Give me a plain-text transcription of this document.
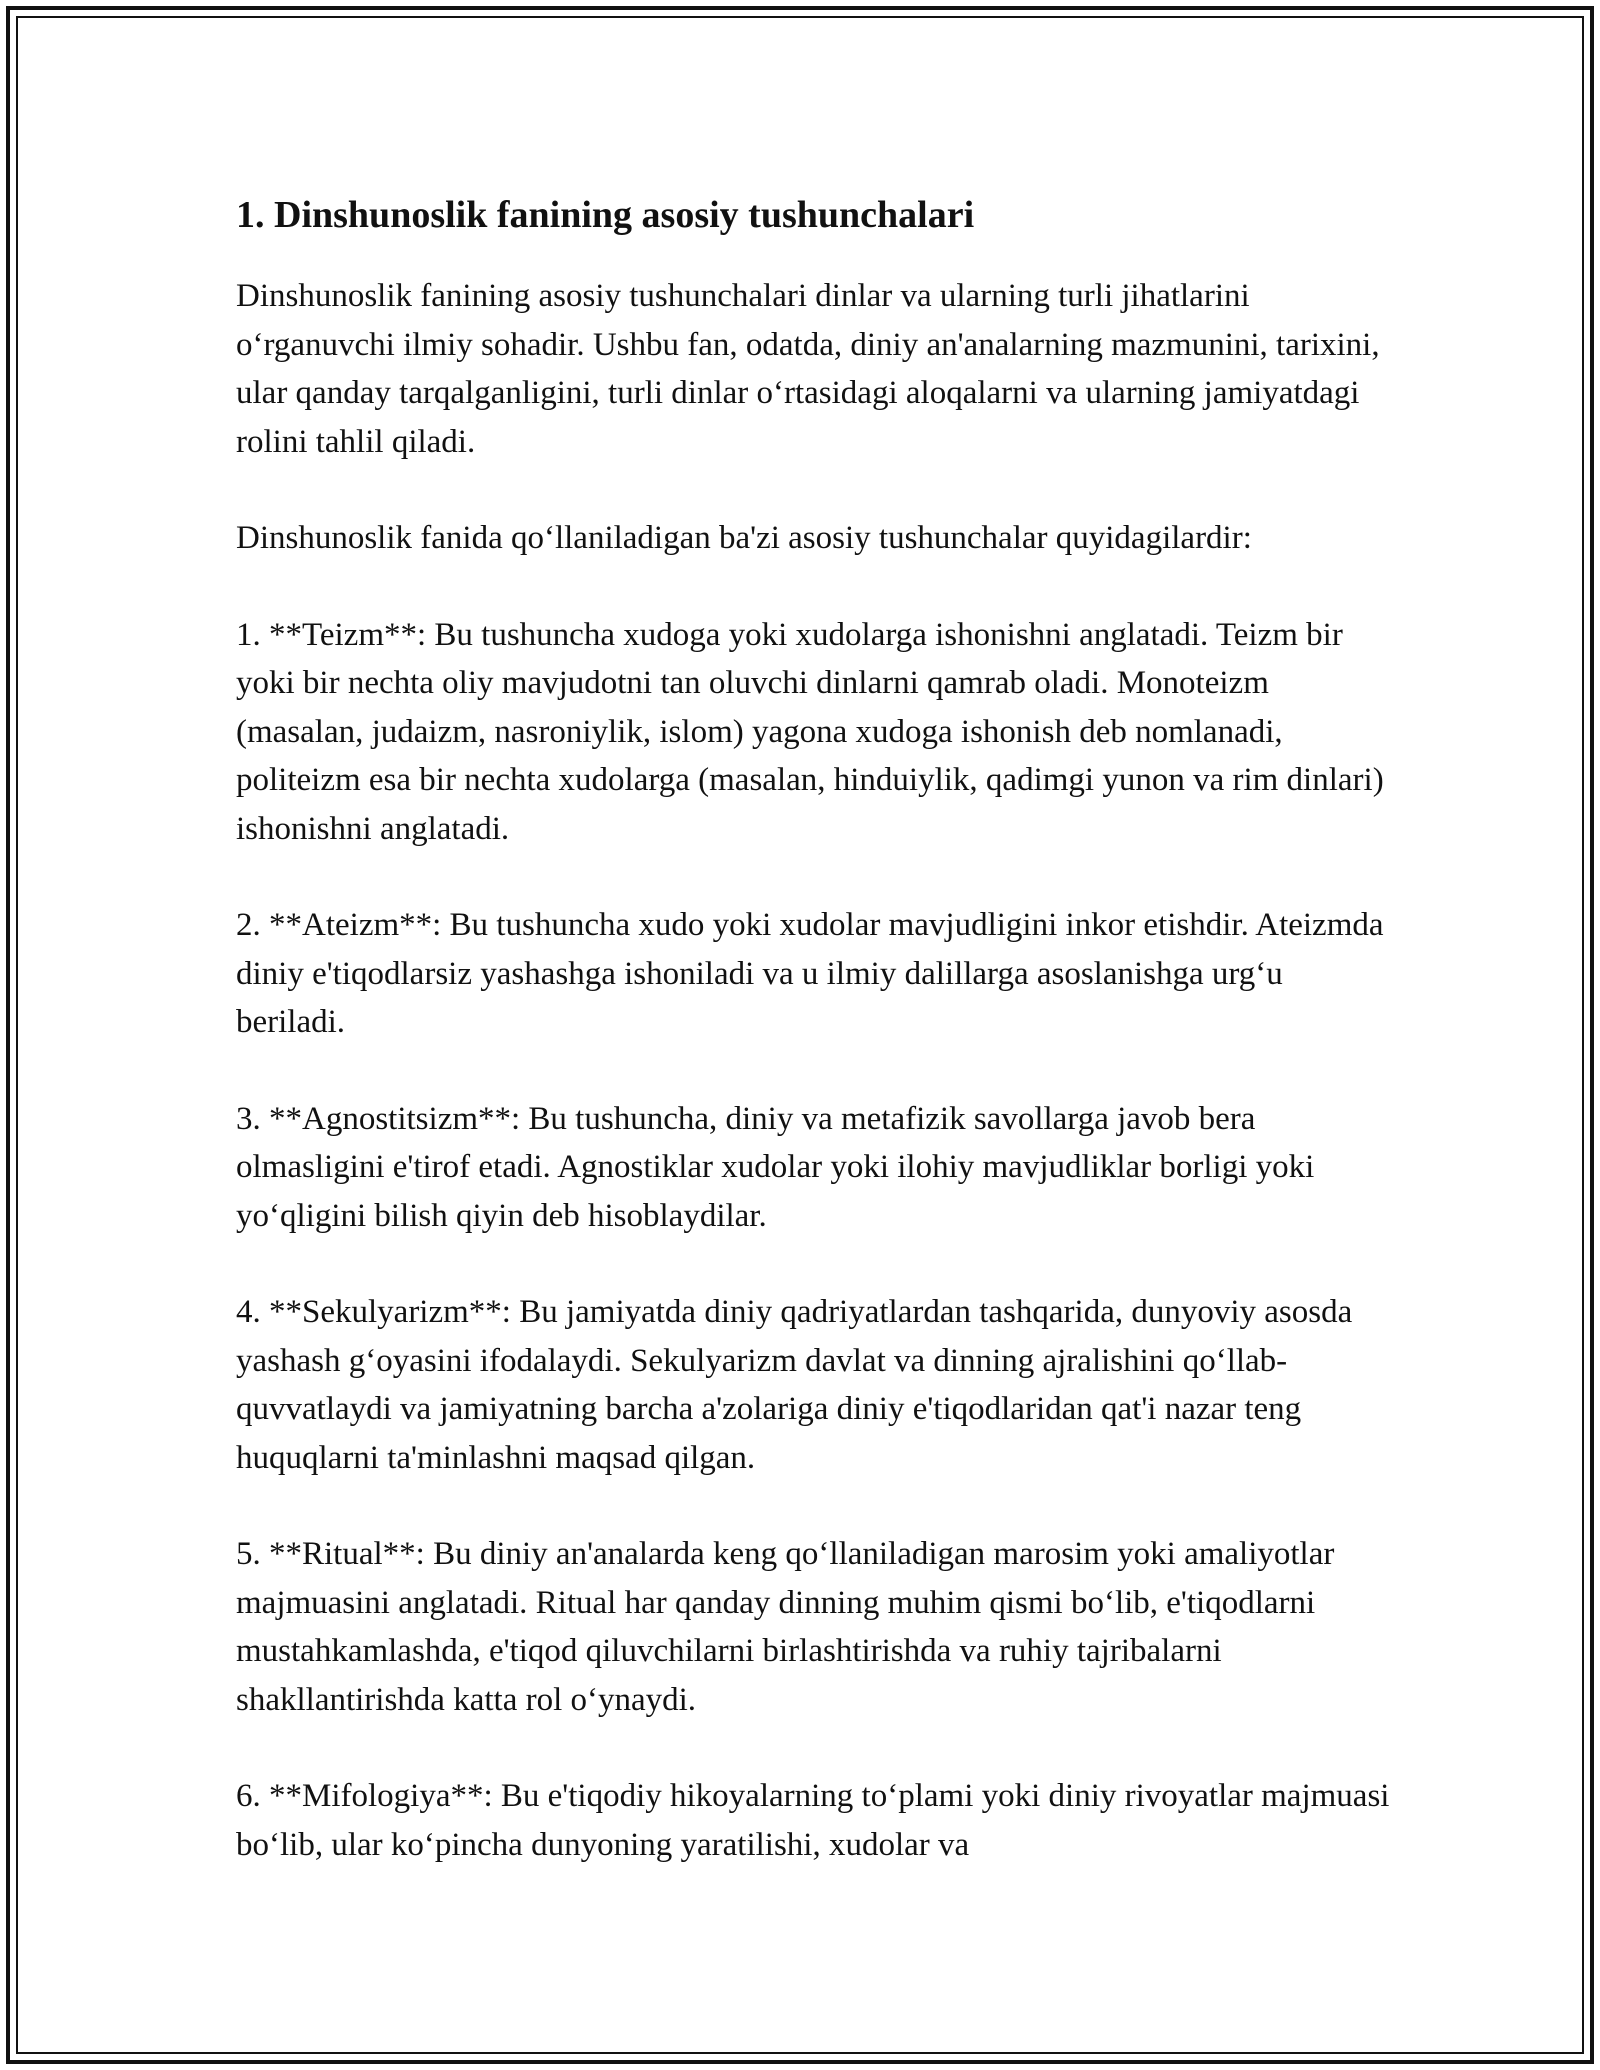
1. Dinshunoslik fanining asosiy tushunchalari

Dinshunoslik fanining asosiy tushunchalari dinlar va ularning turli jihatlarini o‘rganuvchi ilmiy sohadir. Ushbu fan, odatda, diniy an'analarning mazmunini, tarixini, ular qanday tarqalganligini, turli dinlar o‘rtasidagi aloqalarni va ularning jamiyatdagi rolini tahlil qiladi.

Dinshunoslik fanida qo‘llaniladigan ba'zi asosiy tushunchalar quyidagilardir:

1. **Teizm**: Bu tushuncha xudoga yoki xudolarga ishonishni anglatadi. Teizm bir yoki bir nechta oliy mavjudotni tan oluvchi dinlarni qamrab oladi. Monoteizm (masalan, judaizm, nasroniylik, islom) yagona xudoga ishonish deb nomlanadi, politeizm esa bir nechta xudolarga (masalan, hinduiylik, qadimgi yunon va rim dinlari) ishonishni anglatadi.

2. **Ateizm**: Bu tushuncha xudo yoki xudolar mavjudligini inkor etishdir. Ateizmda diniy e'tiqodlarsiz yashashga ishoniladi va u ilmiy dalillarga asoslanishga urg‘u beriladi.

3. **Agnostitsizm**: Bu tushuncha, diniy va metafizik savollarga javob bera olmasligini e'tirof etadi. Agnostiklar xudolar yoki ilohiy mavjudliklar borligi yoki yo‘qligini bilish qiyin deb hisoblaydilar.

4. **Sekulyarizm**: Bu jamiyatda diniy qadriyatlardan tashqarida, dunyoviy asosda yashash g‘oyasini ifodalaydi. Sekulyarizm davlat va dinning ajralishini qo‘llab-quvvatlaydi va jamiyatning barcha a'zolariga diniy e'tiqodlaridan qat'i nazar teng huquqlarni ta'minlashni maqsad qilgan.

5. **Ritual**: Bu diniy an'analarda keng qo‘llaniladigan marosim yoki amaliyotlar majmuasini anglatadi. Ritual har qanday dinning muhim qismi bo‘lib, e'tiqodlarni mustahkamlashda, e'tiqod qiluvchilarni birlashtirishda va ruhiy tajribalarni shakllantirishda katta rol o‘ynaydi.

6. **Mifologiya**: Bu e'tiqodiy hikoyalarning to‘plami yoki diniy rivoyatlar majmuasi bo‘lib, ular ko‘pincha dunyoning yaratilishi, xudolar va
